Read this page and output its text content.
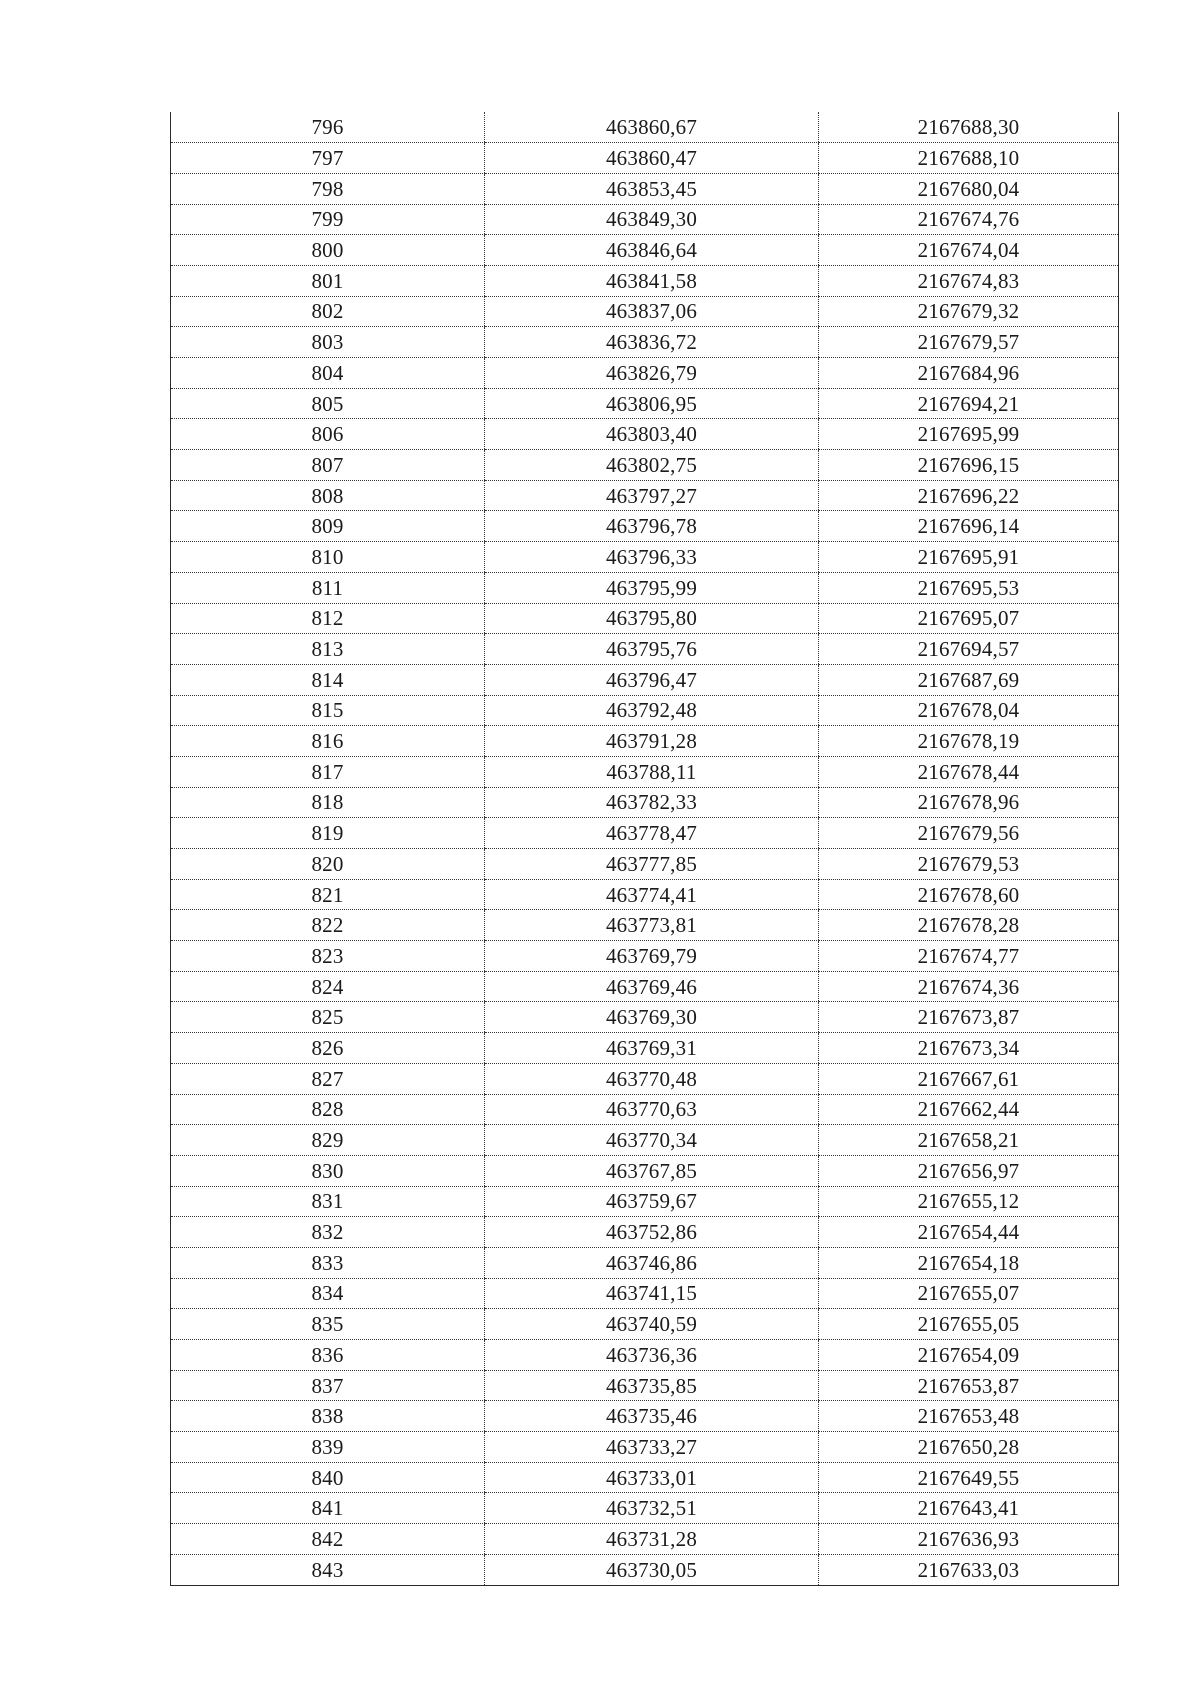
796	463860,67	2167688,30
797	463860,47	2167688,10
798	463853,45	2167680,04
799	463849,30	2167674,76
800	463846,64	2167674,04
801	463841,58	2167674,83
802	463837,06	2167679,32
803	463836,72	2167679,57
804	463826,79	2167684,96
805	463806,95	2167694,21
806	463803,40	2167695,99
807	463802,75	2167696,15
808	463797,27	2167696,22
809	463796,78	2167696,14
810	463796,33	2167695,91
811	463795,99	2167695,53
812	463795,80	2167695,07
813	463795,76	2167694,57
814	463796,47	2167687,69
815	463792,48	2167678,04
816	463791,28	2167678,19
817	463788,11	2167678,44
818	463782,33	2167678,96
819	463778,47	2167679,56
820	463777,85	2167679,53
821	463774,41	2167678,60
822	463773,81	2167678,28
823	463769,79	2167674,77
824	463769,46	2167674,36
825	463769,30	2167673,87
826	463769,31	2167673,34
827	463770,48	2167667,61
828	463770,63	2167662,44
829	463770,34	2167658,21
830	463767,85	2167656,97
831	463759,67	2167655,12
832	463752,86	2167654,44
833	463746,86	2167654,18
834	463741,15	2167655,07
835	463740,59	2167655,05
836	463736,36	2167654,09
837	463735,85	2167653,87
838	463735,46	2167653,48
839	463733,27	2167650,28
840	463733,01	2167649,55
841	463732,51	2167643,41
842	463731,28	2167636,93
843	463730,05	2167633,03
